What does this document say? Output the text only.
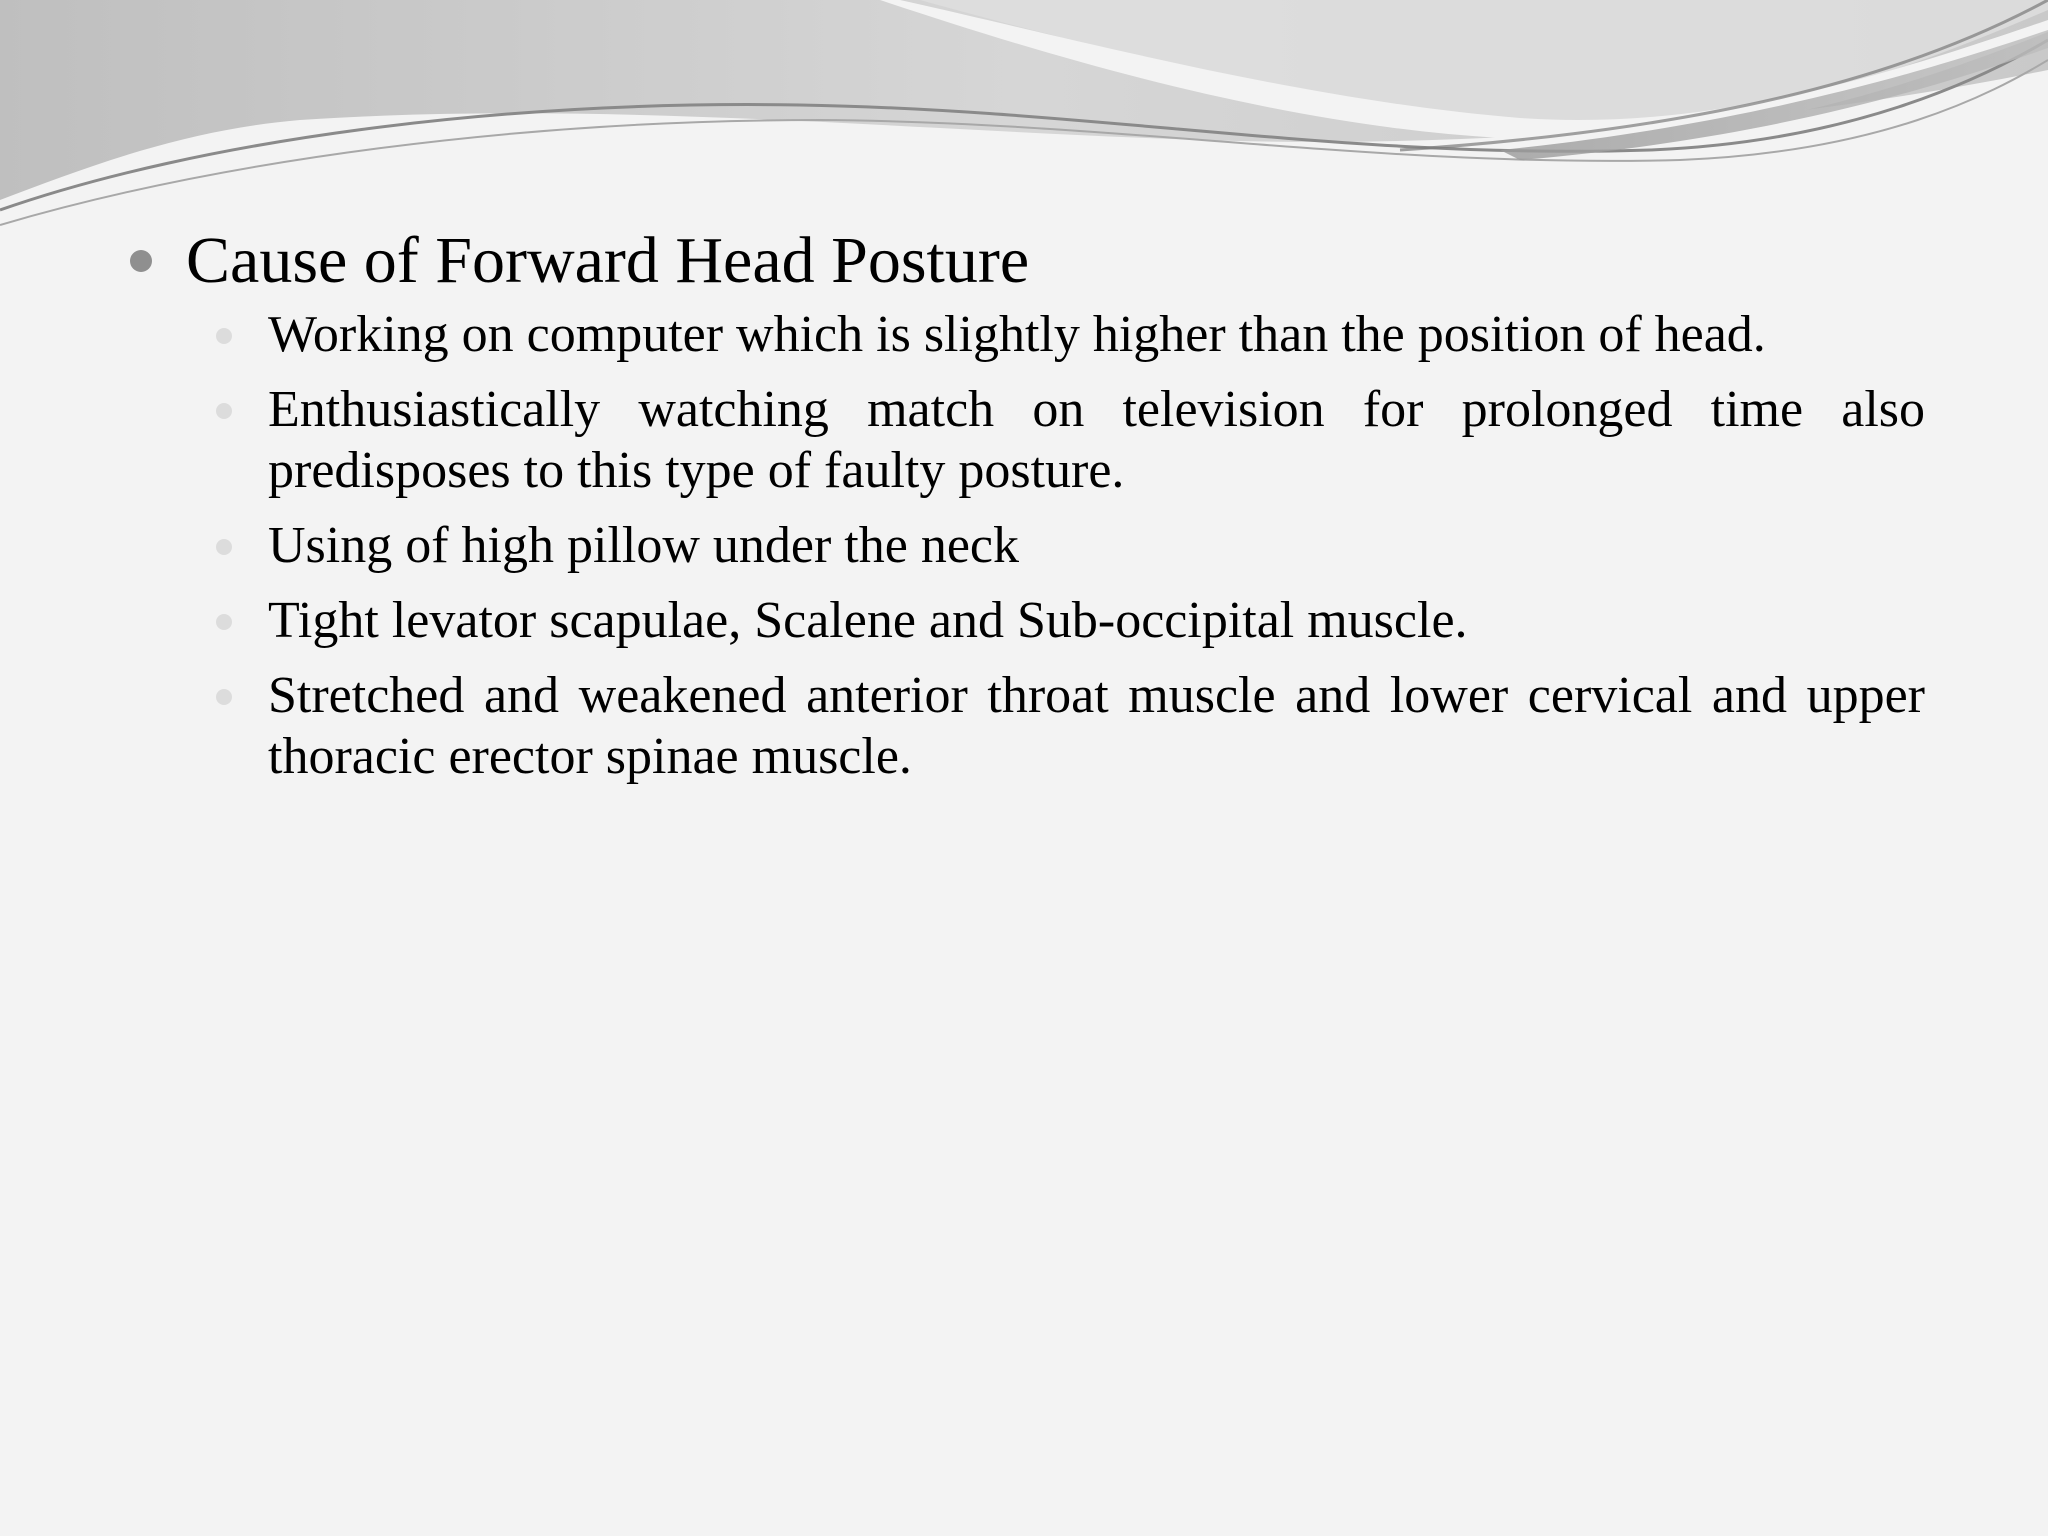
Cause of Forward Head Posture
Working on computer which is slightly higher than the position of head.
Enthusiastically watching match on television for prolonged time also predisposes to this type of faulty posture.
Using of high pillow under the neck
Tight levator scapulae, Scalene and Sub-occipital muscle.
Stretched and weakened anterior throat muscle and lower cervical and upper thoracic erector spinae muscle.
